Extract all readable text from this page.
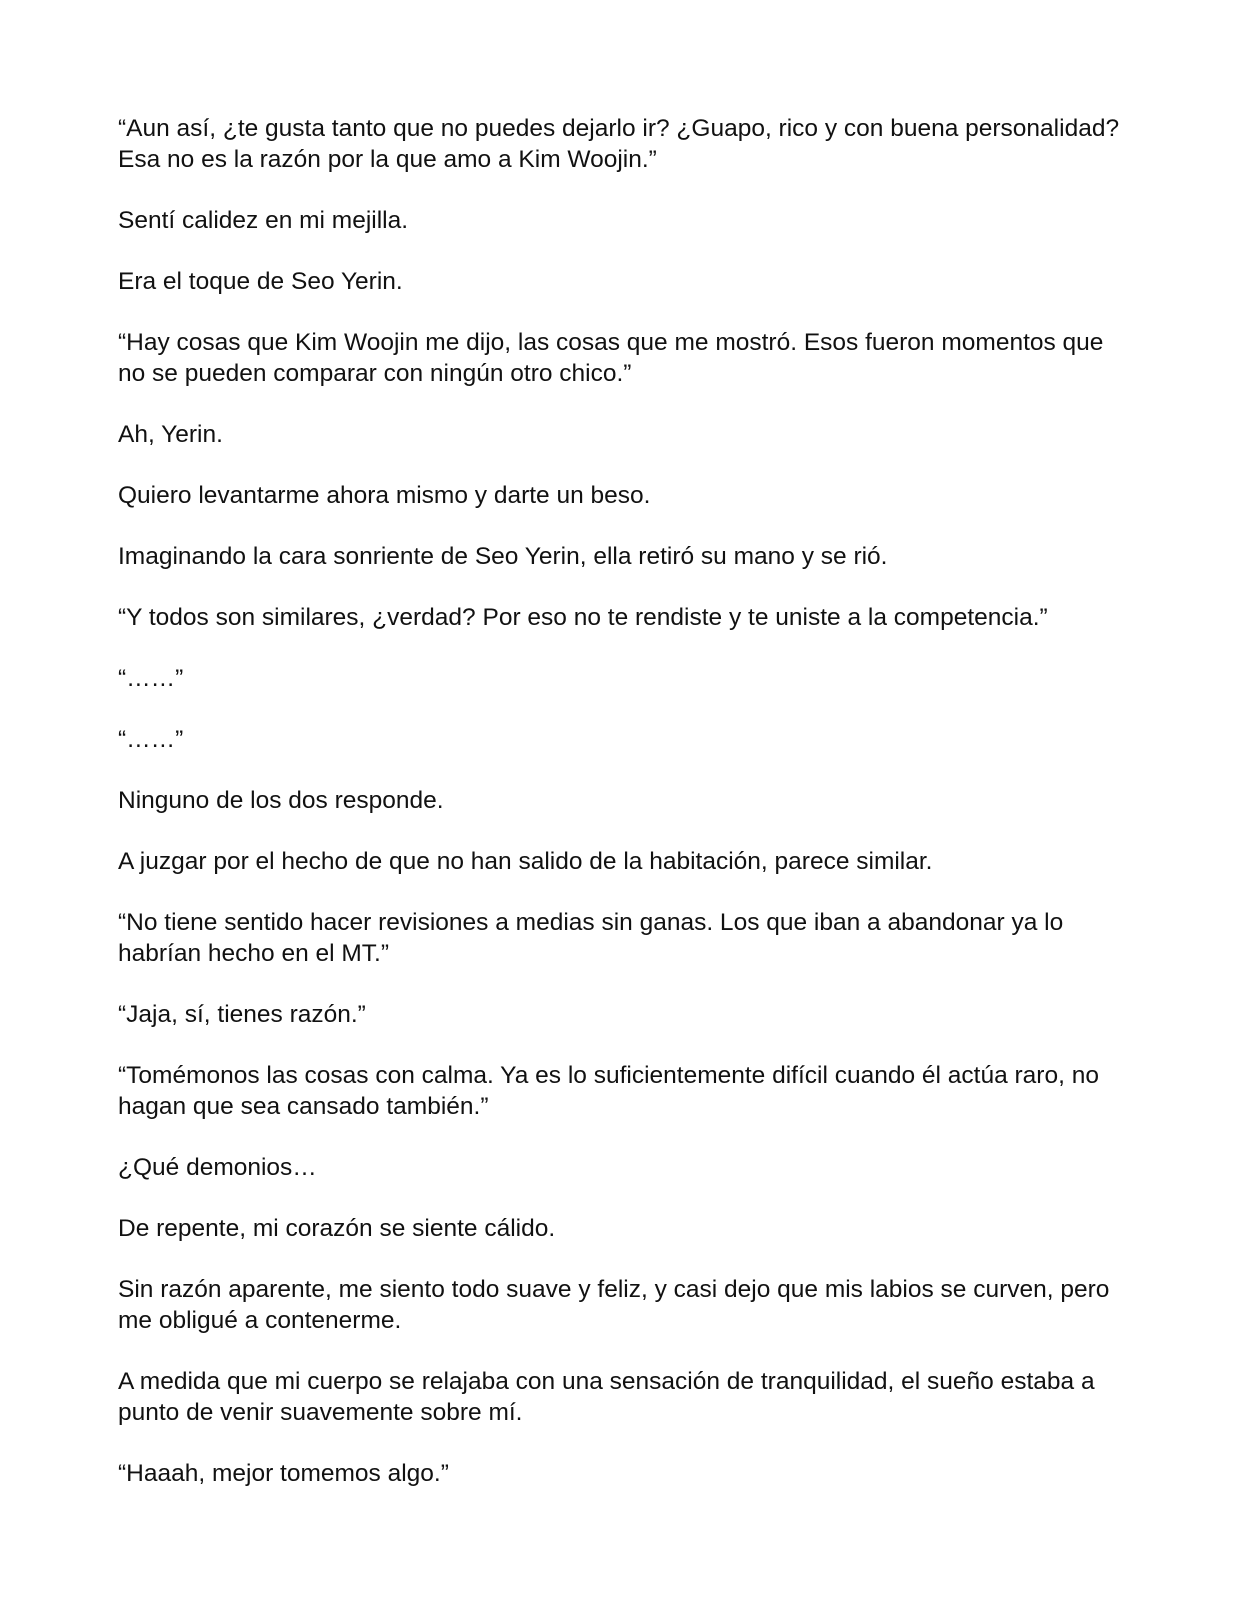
“Aun así, ¿te gusta tanto que no puedes dejarlo ir? ¿Guapo, rico y con buena personalidad? Esa no es la razón por la que amo a Kim Woojin.”

Sentí calidez en mi mejilla.

Era el toque de Seo Yerin.

“Hay cosas que Kim Woojin me dijo, las cosas que me mostró. Esos fueron momentos que no se pueden comparar con ningún otro chico.”

Ah, Yerin.

Quiero levantarme ahora mismo y darte un beso.

Imaginando la cara sonriente de Seo Yerin, ella retiró su mano y se rió.

“Y todos son similares, ¿verdad? Por eso no te rendiste y te uniste a la competencia.”

“……”

“……”

Ninguno de los dos responde.

A juzgar por el hecho de que no han salido de la habitación, parece similar.

“No tiene sentido hacer revisiones a medias sin ganas. Los que iban a abandonar ya lo habrían hecho en el MT.”

“Jaja, sí, tienes razón.”

“Tomémonos las cosas con calma. Ya es lo suficientemente difícil cuando él actúa raro, no hagan que sea cansado también.”

¿Qué demonios…

De repente, mi corazón se siente cálido.

Sin razón aparente, me siento todo suave y feliz, y casi dejo que mis labios se curven, pero me obligué a contenerme.

A medida que mi cuerpo se relajaba con una sensación de tranquilidad, el sueño estaba a punto de venir suavemente sobre mí.

“Haaah, mejor tomemos algo.”
